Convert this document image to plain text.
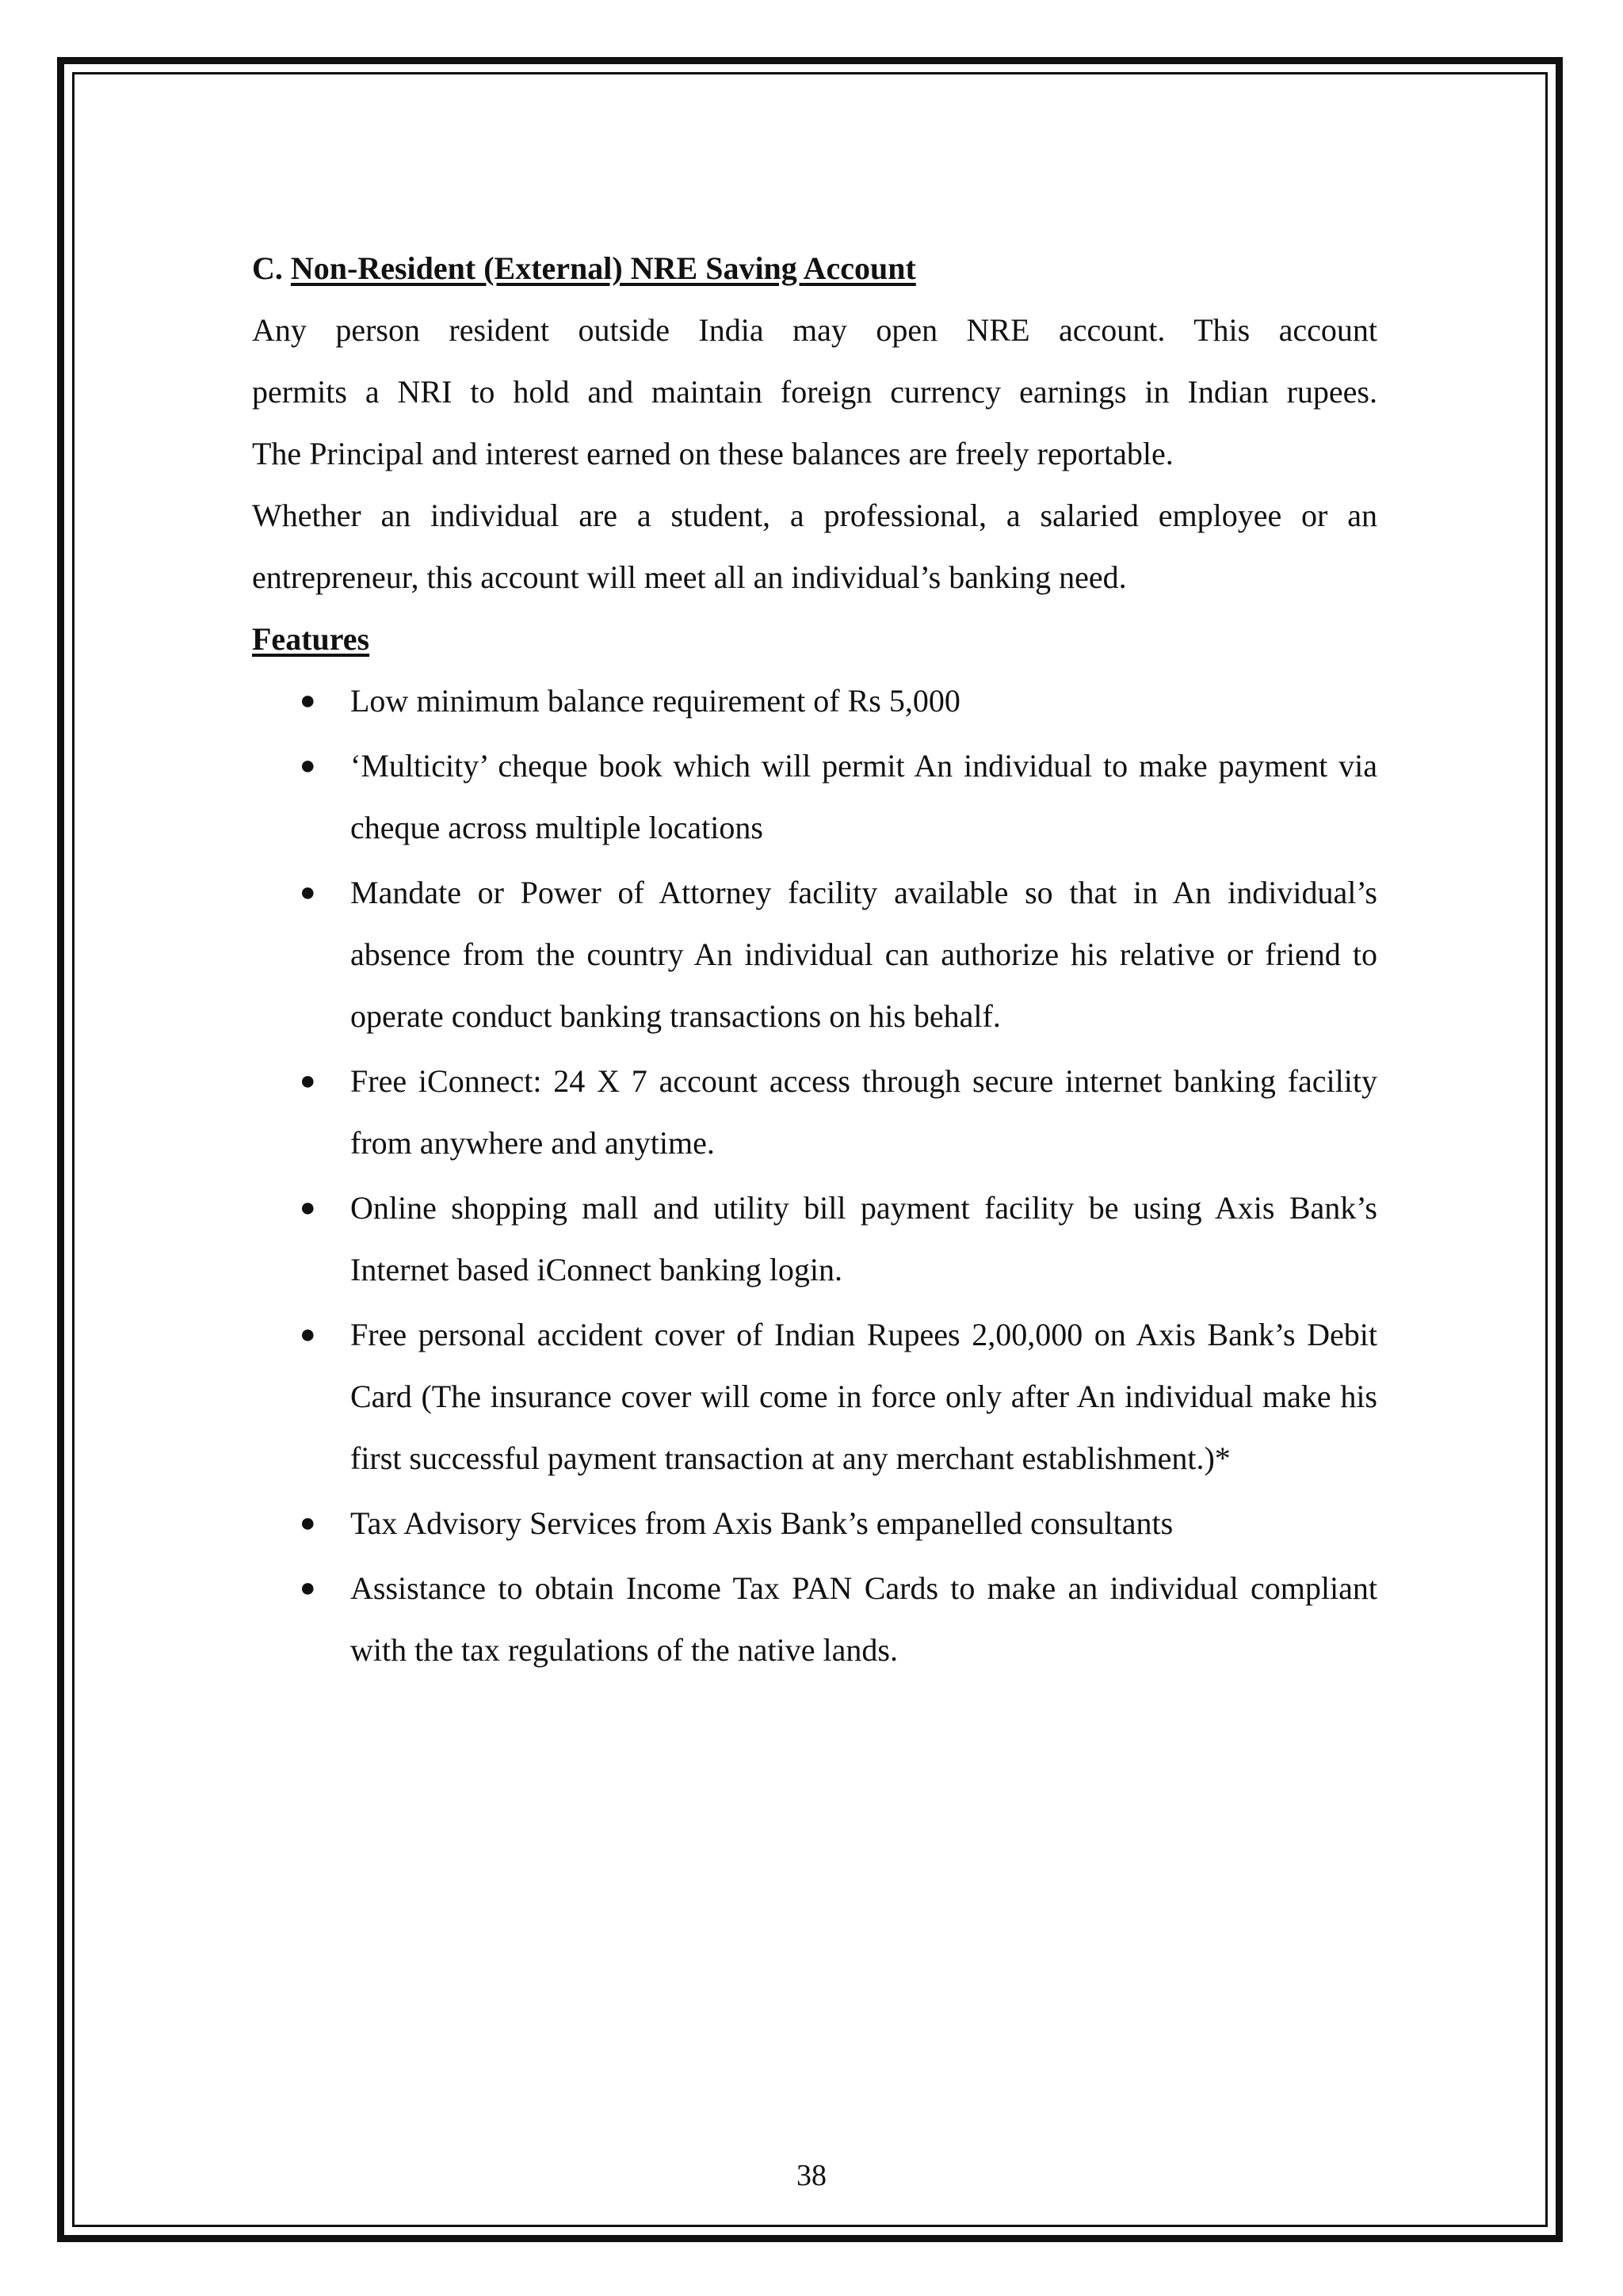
C. Non-Resident (External) NRE Saving Account

Any person resident outside India may open NRE account. This account
permits a NRI to hold and maintain foreign currency earnings in Indian rupees.
The Principal and interest earned on these balances are freely reportable.
Whether an individual are a student, a professional, a salaried employee or an
entrepreneur, this account will meet all an individual’s banking need.

Features

●
Low minimum balance requirement of Rs 5,000
●
‘Multicity’ cheque book which will permit An individual to make payment via cheque across multiple locations
●
Mandate or Power of Attorney facility available so that in An individual’s absence from the country An individual can authorize his relative or friend to operate conduct banking transactions on his behalf.
●
Free iConnect: 24 X 7 account access through secure internet banking facility from anywhere and anytime.
●
Online shopping mall and utility bill payment facility be using Axis Bank’s Internet based iConnect banking login.
●
Free personal accident cover of Indian Rupees 2,00,000 on Axis Bank’s Debit Card (The insurance cover will come in force only after An individual make his first successful payment transaction at any merchant establishment.)*
●
Tax Advisory Services from Axis Bank’s empanelled consultants
●
Assistance to obtain Income Tax PAN Cards to make an individual compliant with the tax regulations of the native lands.
38
